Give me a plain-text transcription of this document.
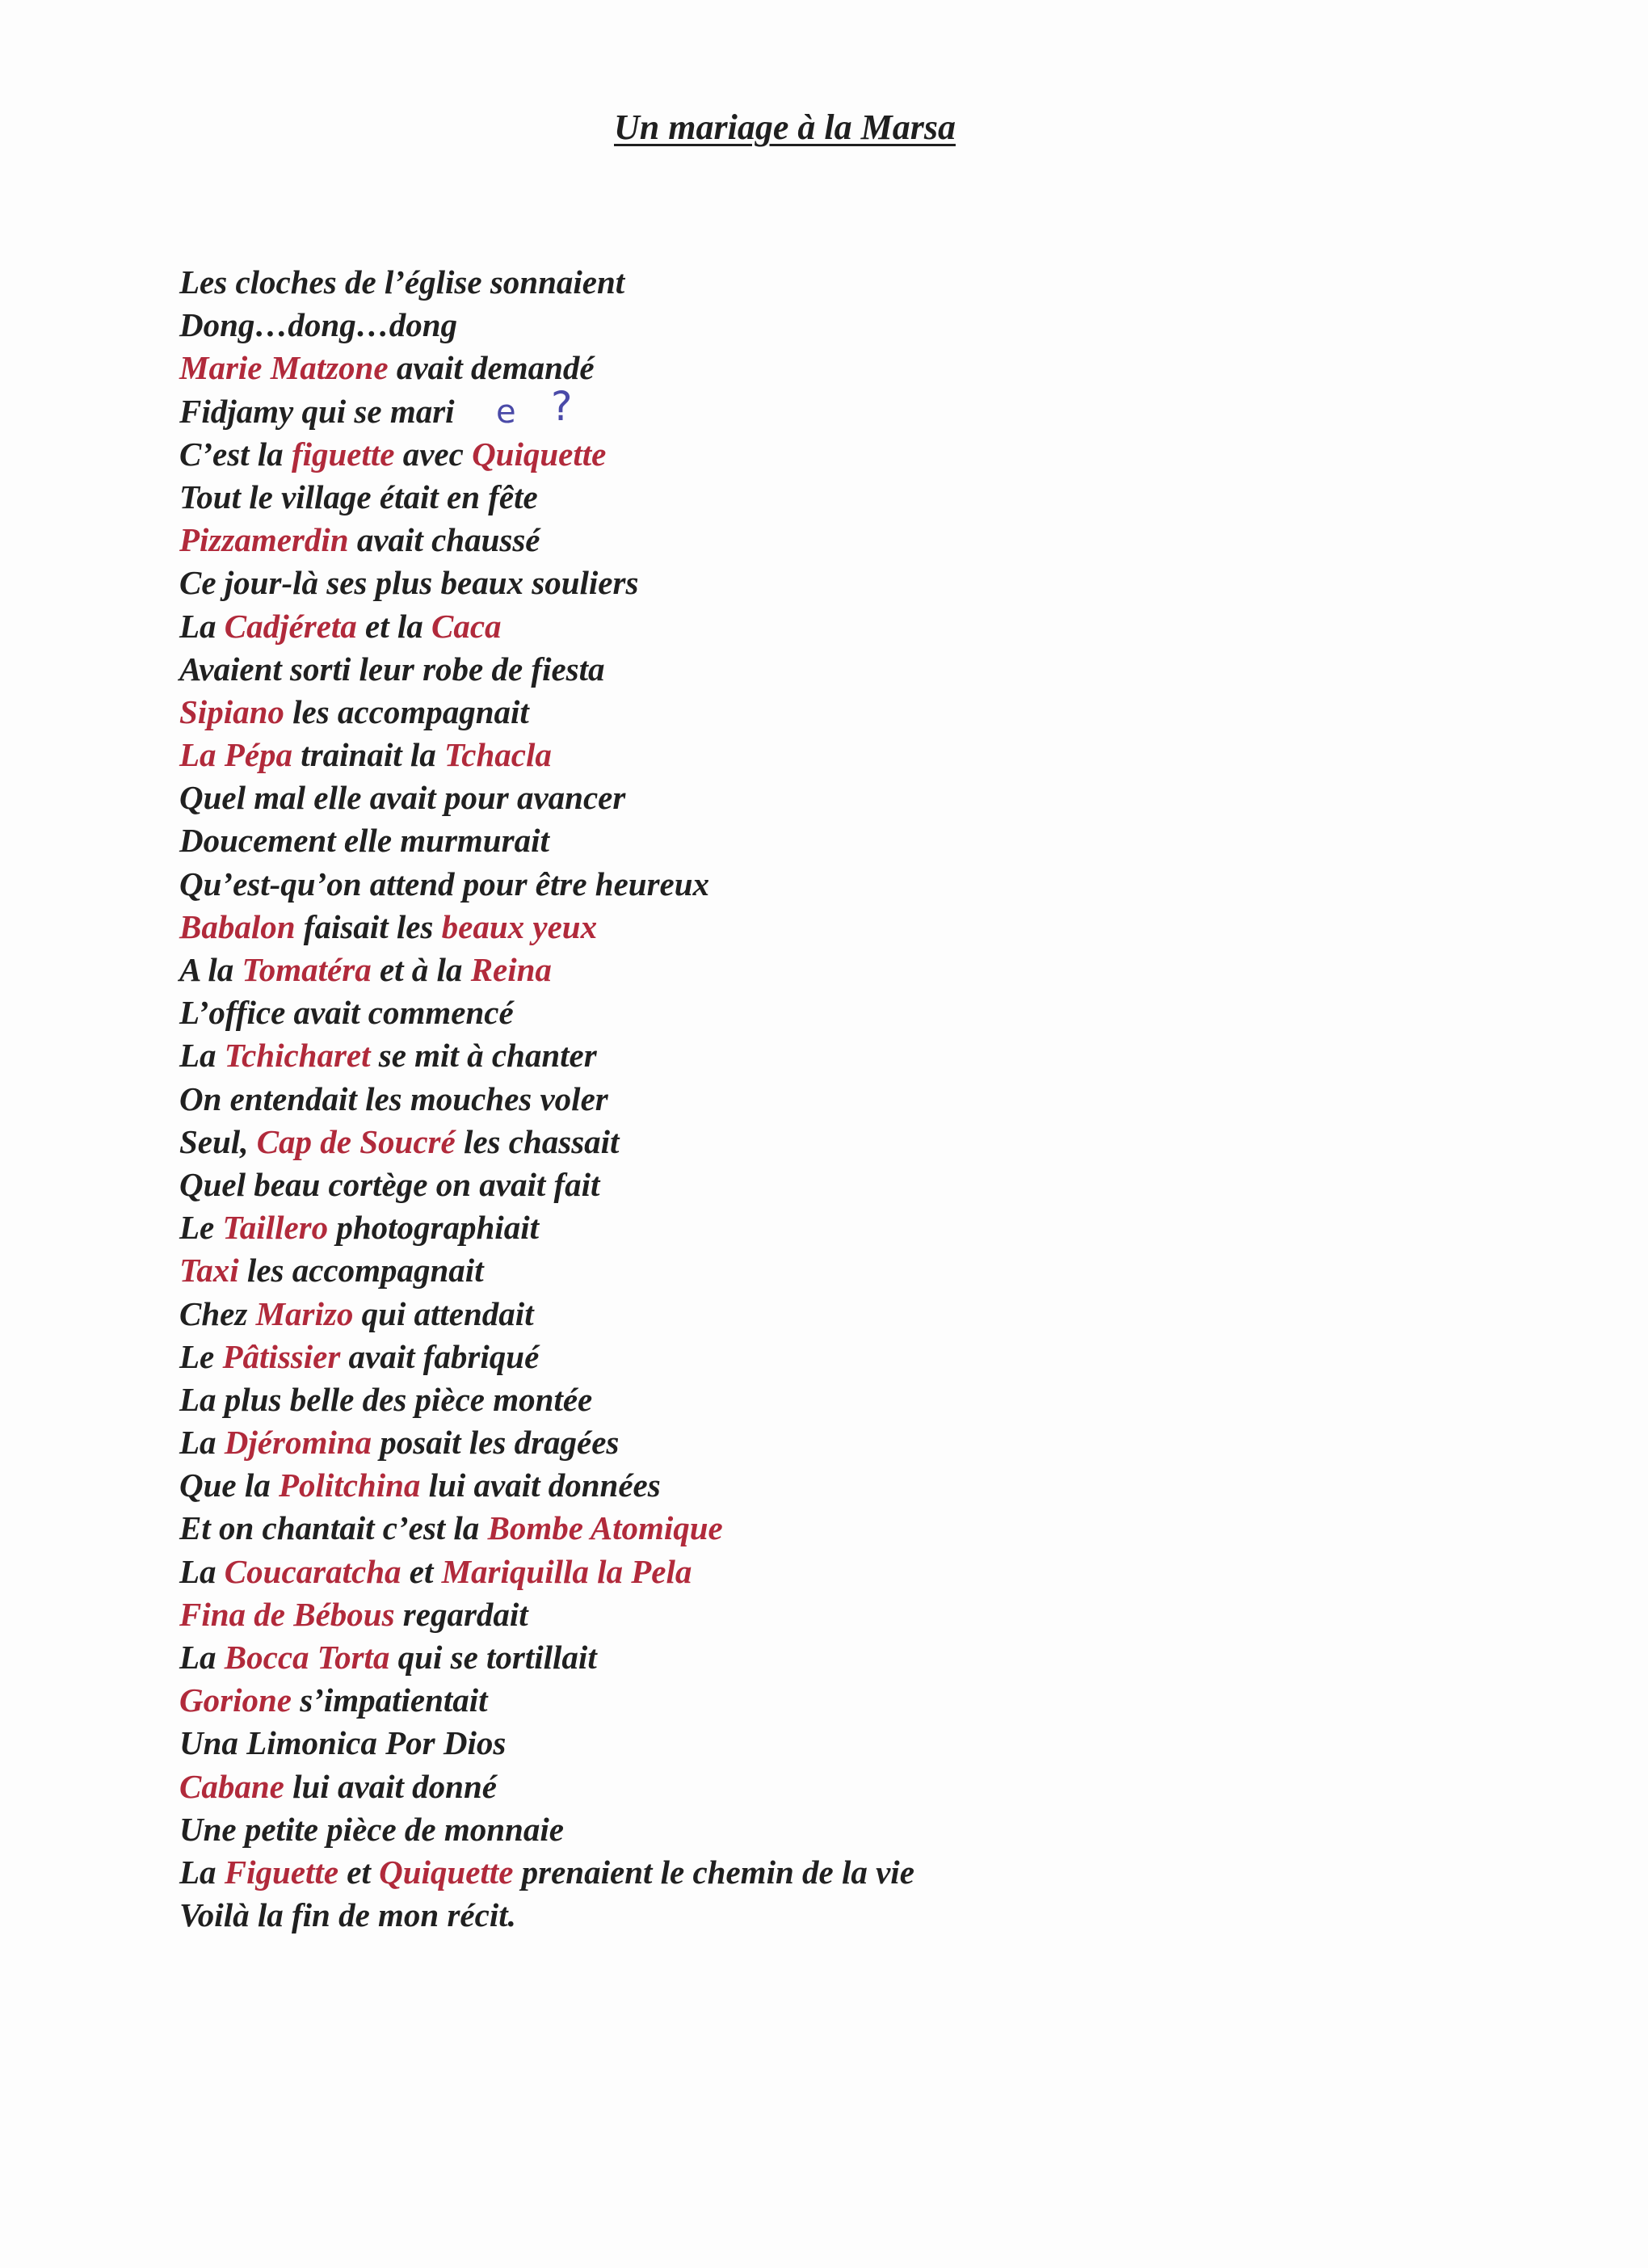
Un mariage à la Marsa
Les cloches de l’église sonnaient
Dong…dong…dong
Marie Matzone avait demandé
Fidjamy qui se mari
C’est la figuette avec Quiquette
Tout le village était en fête
Pizzamerdin avait chaussé
Ce jour-là ses plus beaux souliers
La Cadjéreta et la Caca
Avaient sorti leur robe de fiesta
Sipiano les accompagnait
La Pépa trainait la Tchacla
Quel mal elle avait pour avancer
Doucement elle murmurait
Qu’est-qu’on attend pour être heureux
Babalon faisait les beaux yeux
A la Tomatéra et à la Reina
L’office avait commencé
La Tchicharet se mit à chanter
On entendait les mouches voler
Seul, Cap de Soucré les chassait
Quel beau cortège on avait fait
Le Taillero photographiait
Taxi les accompagnait
Chez Marizo qui attendait
Le Pâtissier avait fabriqué
La plus belle des pièce montée
La Djéromina posait les dragées
Que la Politchina lui avait données
Et on chantait c’est la Bombe Atomique
La Coucaratcha et Mariquilla la Pela
Fina de Bébous regardait
La Bocca Torta qui se tortillait
Gorione s’impatientait
Una Limonica Por Dios
Cabane lui avait donné
Une petite pièce de monnaie
La Figuette et Quiquette prenaient le chemin de la vie
Voilà la fin de mon récit.
e ?
